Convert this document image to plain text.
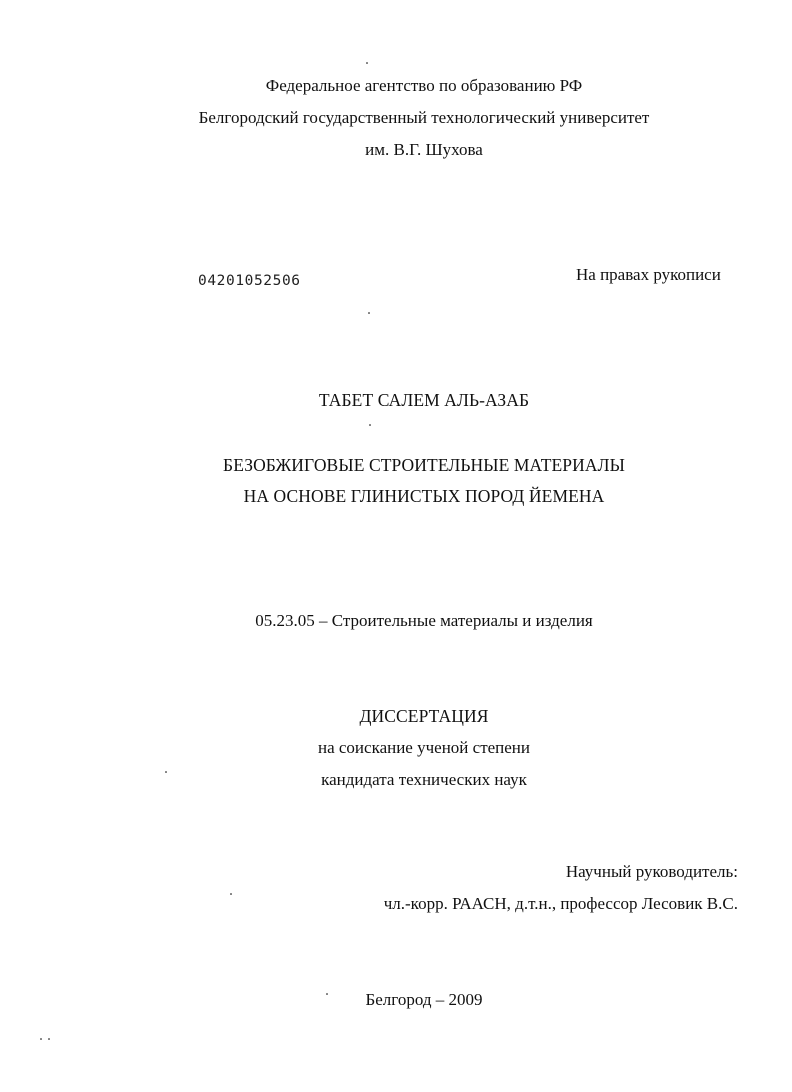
Федеральное агентство по образованию РФ
Белгородский государственный технологический университет
им. В.Г. Шухова
04201052506	На правах рукописи
ТАБЕТ САЛЕМ АЛЬ-АЗАБ
БЕЗОБЖИГОВЫЕ СТРОИТЕЛЬНЫЕ МАТЕРИАЛЫ
НА ОСНОВЕ ГЛИНИСТЫХ ПОРОД ЙЕМЕНА
05.23.05 – Строительные материалы и изделия
ДИССЕРТАЦИЯ
на соискание ученой степени
кандидата технических наук
Научный руководитель:
чл.-корр. РААСН, д.т.н., профессор Лесовик В.С.
Белгород – 2009
